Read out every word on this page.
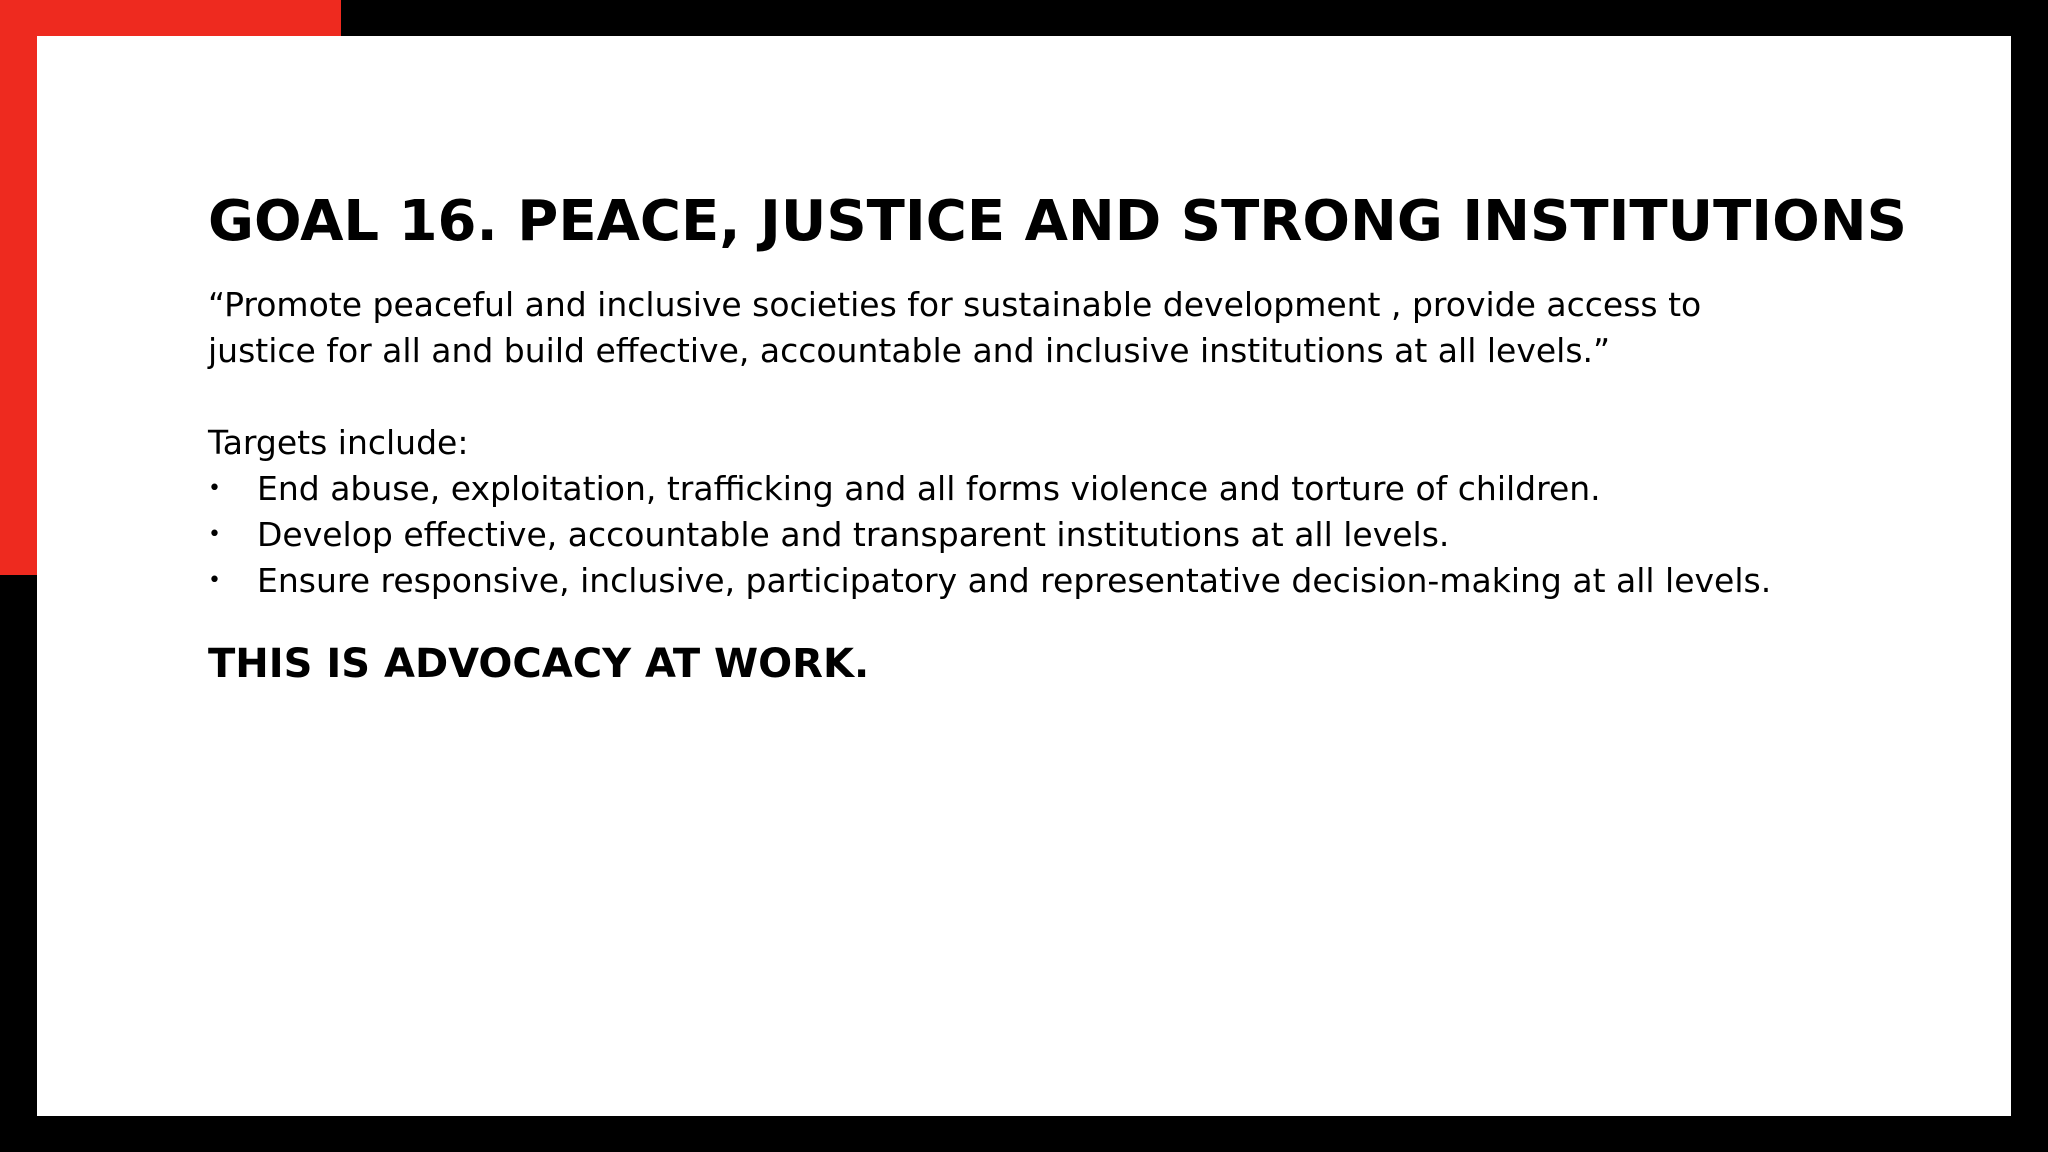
GOAL 16. PEACE, JUSTICE AND STRONG INSTITUTIONS

“Promote peaceful and inclusive societies for sustainable development , provide access to justice for all and build effective, accountable and inclusive institutions at all levels.”

Targets include:

• End abuse, exploitation, trafficking and all forms violence and torture of children.
• Develop effective, accountable and transparent institutions at all levels.
• Ensure responsive, inclusive, participatory and representative decision-making at all levels.

THIS IS ADVOCACY AT WORK.
